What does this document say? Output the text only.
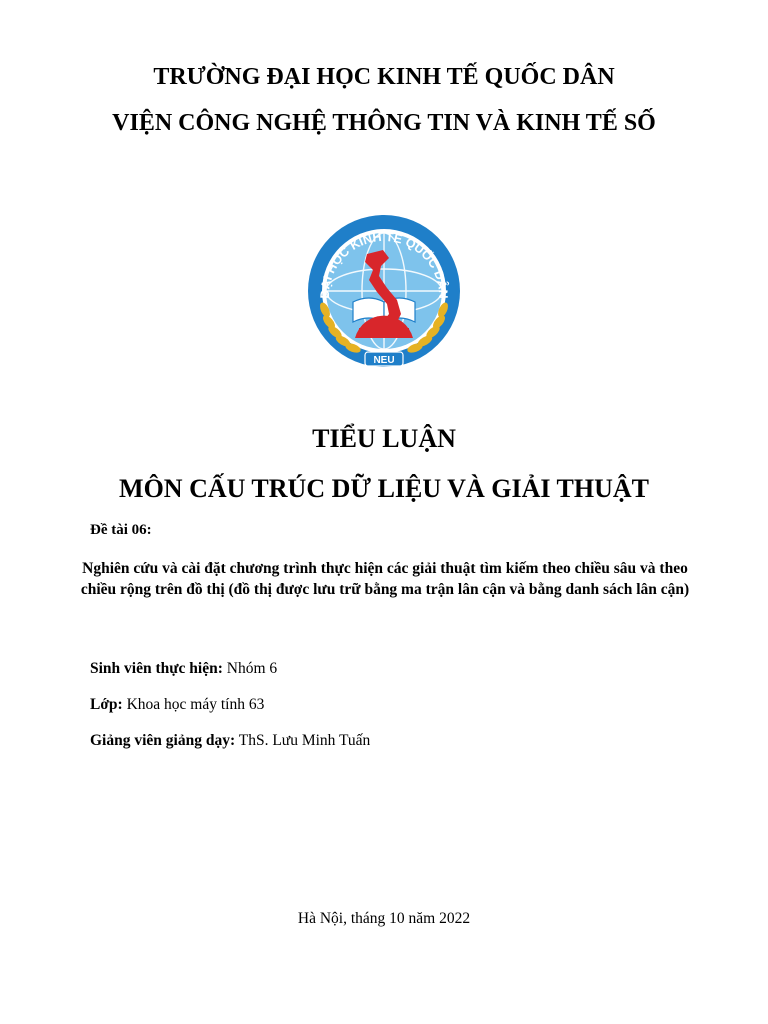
TRƯỜNG ĐẠI HỌC KINH TẾ QUỐC DÂN
VIỆN CÔNG NGHỆ THÔNG TIN VÀ KINH TẾ SỐ
ĐẠI HỌC KINH TẾ QUỐC DÂN
NEU
TIỂU LUẬN
MÔN CẤU TRÚC DỮ LIỆU VÀ GIẢI THUẬT
Đề tài 06:
Nghiên cứu và cài đặt chương trình thực hiện các giải thuật tìm kiếm theo chiều sâu và theo chiều rộng trên đồ thị (đồ thị được lưu trữ bằng ma trận lân cận và bằng danh sách lân cận)
Sinh viên thực hiện: Nhóm 6
Lớp: Khoa học máy tính 63
Giảng viên giảng dạy: ThS. Lưu Minh Tuấn
Hà Nội, tháng 10 năm 2022
